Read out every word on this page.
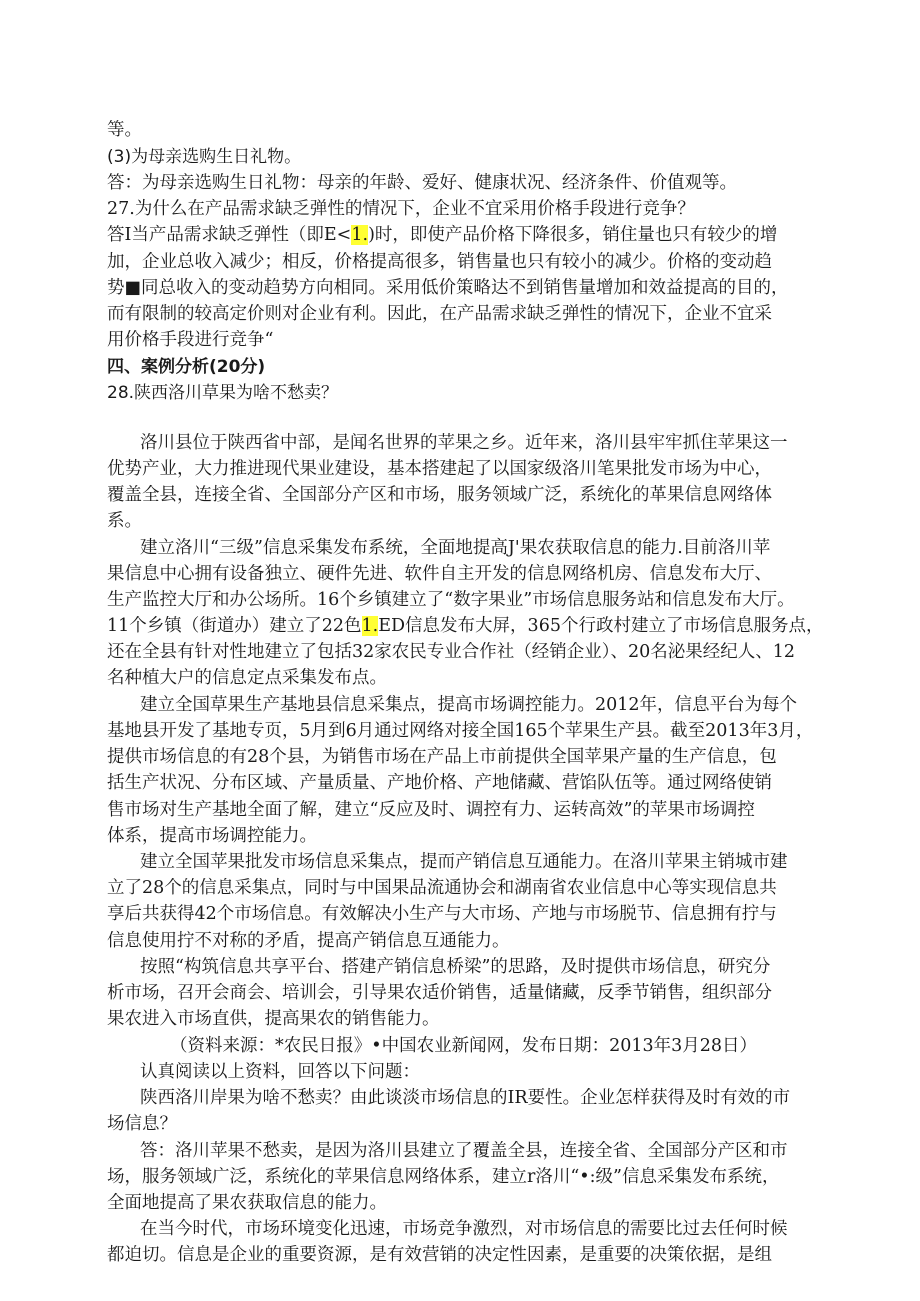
等。
(3)为母亲选购生日礼物。
答：为母亲选购生日礼物：母亲的年龄、爱好、健康状况、经济条件、价值观等。
27.为什么在产品需求缺乏弹性的情况下，企业不宜采用价格手段进行竞争？
答I当产品需求缺乏弹性（即E<1.)时，即使产品价格下降很多，销住量也只有较少的增
加，企业总收入减少；相反，价格提高很多，销售量也只有较小的减少。价格的变动趋
势■同总收入的变动趋势方向相同。采用低价策略达不到销售量增加和效益提高的目的，
而有限制的较高定价则对企业有利。因此，在产品需求缺乏弹性的情况下，企业不宜采
用价格手段进行竞争“
四、案例分析(20分)
28.陕西洛川草果为啥不愁卖？
洛川县位于陕西省中部，是闻名世界的苹果之乡。近年来，洛川县牢牢抓住苹果这一
优势产业，大力推进现代果业建设，基本搭建起了以国家级洛川笔果批发市场为中心，
覆盖全县，连接全省、全国部分产区和市场，服务领域广泛，系统化的革果信息网络体
系。
建立洛川“三级”信息采集发布系统，全面地提高J'果农获取信息的能力.目前洛川苹
果信息中心拥有设备独立、硬件先进、软件自主开发的信息网络机房、信息发布大厅、
生产监控大厅和办公场所。16个乡镇建立了“数字果业”市场信息服务站和信息发布大厅。
11个乡镇（街道办）建立了22色1.ED信息发布大屏，365个行政村建立了市场信息服务点，
还在全县有针对性地建立了包括32家农民专业合作社（经销企业）、20名泌果经纪人、12
名种植大户的信息定点采集发布点。
建立全国草果生产基地县信息采集点，提高市场调控能力。2012年，信息平台为每个
基地县开发了基地专页，5月到6月通过网络对接全国165个苹果生产县。截至2013年3月，
提供市场信息的有28个县，为销售市场在产品上市前提供全国苹果产量的生产信息，包
括生产状况、分布区域、产量质量、产地价格、产地储藏、营馅队伍等。通过网络使销
售市场对生产基地全面了解，建立“反应及时、调控有力、运转高效”的苹果市场调控
体系，提高市场调控能力。
建立全国苹果批发市场信息采集点，提而产销信息互通能力。在洛川苹果主销城市建
立了28个的信息采集点，同时与中国果品流通协会和湖南省农业信息中心等实现信息共
享后共获得42个市场信息。有效解决小生产与大市场、产地与市场脱节、信息拥有拧与
信息使用拧不对称的矛盾，提高产销信息互通能力。
按照“构筑信息共享平台、搭建产销信息桥梁”的思路，及时提供市场信息，研究分
析市场，召开会商会、培训会，引导果农适价销售，适量储藏，反季节销售，组织部分
果农进入市场直供，提高果农的销售能力。
（资料来源：*农民日报》•中国农业新闻网，发布日期：2013年3月28日）
认真阅读以上资料，回答以下问题：
陕西洛川岸果为啥不愁卖？由此谈淡市场信息的IR要性。企业怎样获得及时有效的市
场信息？
答：洛川苹果不愁卖，是因为洛川县建立了覆盖全县，连接全省、全国部分产区和市
场，服务领域广泛，系统化的苹果信息网络体系，建立r洛川“•:级”信息采集发布系统，
全面地提高了果农获取信息的能力。
在当今时代，市场环境变化迅速，市场竞争激烈，对市场信息的需要比过去任何时候
都迫切。信息是企业的重要资源，是有效营销的决定性因素，是重要的决策依据，是组
